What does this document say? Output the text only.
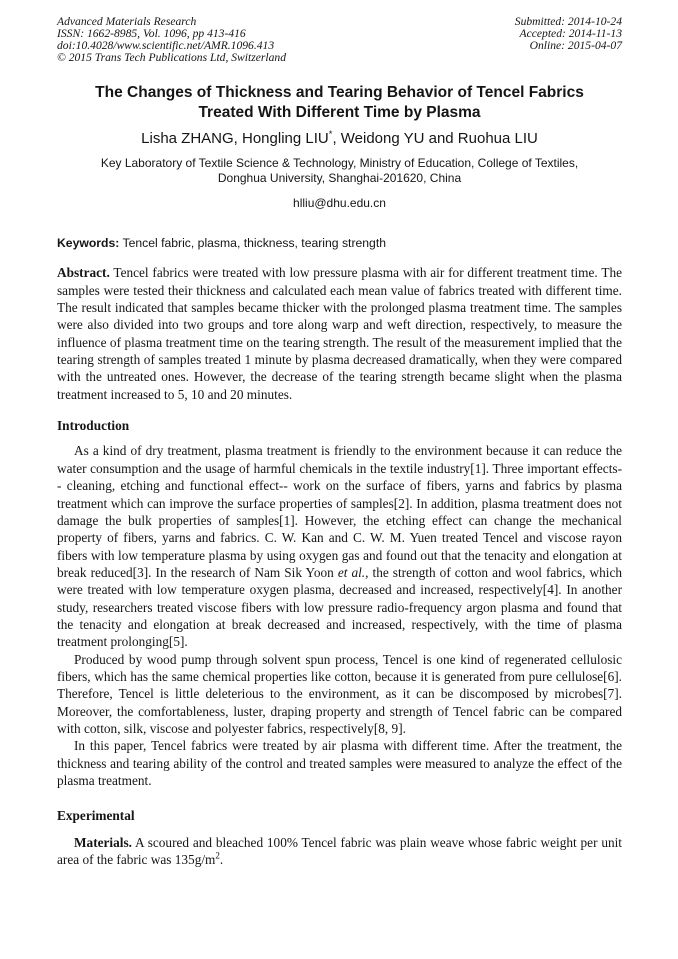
Advanced Materials Research
ISSN: 1662-8985, Vol. 1096, pp 413-416
doi:10.4028/www.scientific.net/AMR.1096.413
© 2015 Trans Tech Publications Ltd, Switzerland
Submitted: 2014-10-24
Accepted: 2014-11-13
Online: 2015-04-07
The Changes of Thickness and Tearing Behavior of Tencel Fabrics
Treated With Different Time by Plasma
Lisha ZHANG, Hongling LIU*, Weidong YU and Ruohua LIU
Key Laboratory of Textile Science & Technology, Ministry of Education, College of Textiles,
Donghua University, Shanghai-201620, China
hlliu@dhu.edu.cn
Keywords: Tencel fabric, plasma, thickness, tearing strength

Abstract. Tencel fabrics were treated with low pressure plasma with air for different treatment time. The samples were tested their thickness and calculated each mean value of fabrics treated with different time. The result indicated that samples became thicker with the prolonged plasma treatment time. The samples were also divided into two groups and tore along warp and weft direction, respectively, to measure the influence of plasma treatment time on the tearing strength. The result of the measurement implied that the tearing strength of samples treated 1 minute by plasma decreased dramatically, when they were compared with the untreated ones. However, the decrease of the tearing strength became slight when the plasma treatment increased to 5, 10 and 20 minutes.

Introduction

As a kind of dry treatment, plasma treatment is friendly to the environment because it can reduce the water consumption and the usage of harmful chemicals in the textile industry[1]. Three important effects-- cleaning, etching and functional effect-- work on the surface of fibers, yarns and fabrics by plasma treatment which can improve the surface properties of samples[2]. In addition, plasma treatment does not damage the bulk properties of samples[1]. However, the etching effect can change the mechanical property of fibers, yarns and fabrics. C. W. Kan and C. W. M. Yuen treated Tencel and viscose rayon fibers with low temperature plasma by using oxygen gas and found out that the tenacity and elongation at break reduced[3]. In the research of Nam Sik Yoon et al., the strength of cotton and wool fabrics, which were treated with low temperature oxygen plasma, decreased and increased, respectively[4]. In another study, researchers treated viscose fibers with low pressure radio-frequency argon plasma and found that the tenacity and elongation at break decreased and increased, respectively, with the time of plasma treatment prolonging[5].

Produced by wood pump through solvent spun process, Tencel is one kind of regenerated cellulosic fibers, which has the same chemical properties like cotton, because it is generated from pure cellulose[6]. Therefore, Tencel is little deleterious to the environment, as it can be discomposed by microbes[7]. Moreover, the comfortableness, luster, draping property and strength of Tencel fabric can be compared with cotton, silk, viscose and polyester fabrics, respectively[8, 9].

In this paper, Tencel fabrics were treated by air plasma with different time. After the treatment, the thickness and tearing ability of the control and treated samples were measured to analyze the effect of the plasma treatment.

Experimental

Materials. A scoured and bleached 100% Tencel fabric was plain weave whose fabric weight per unit area of the fabric was $135g/m^2$.
